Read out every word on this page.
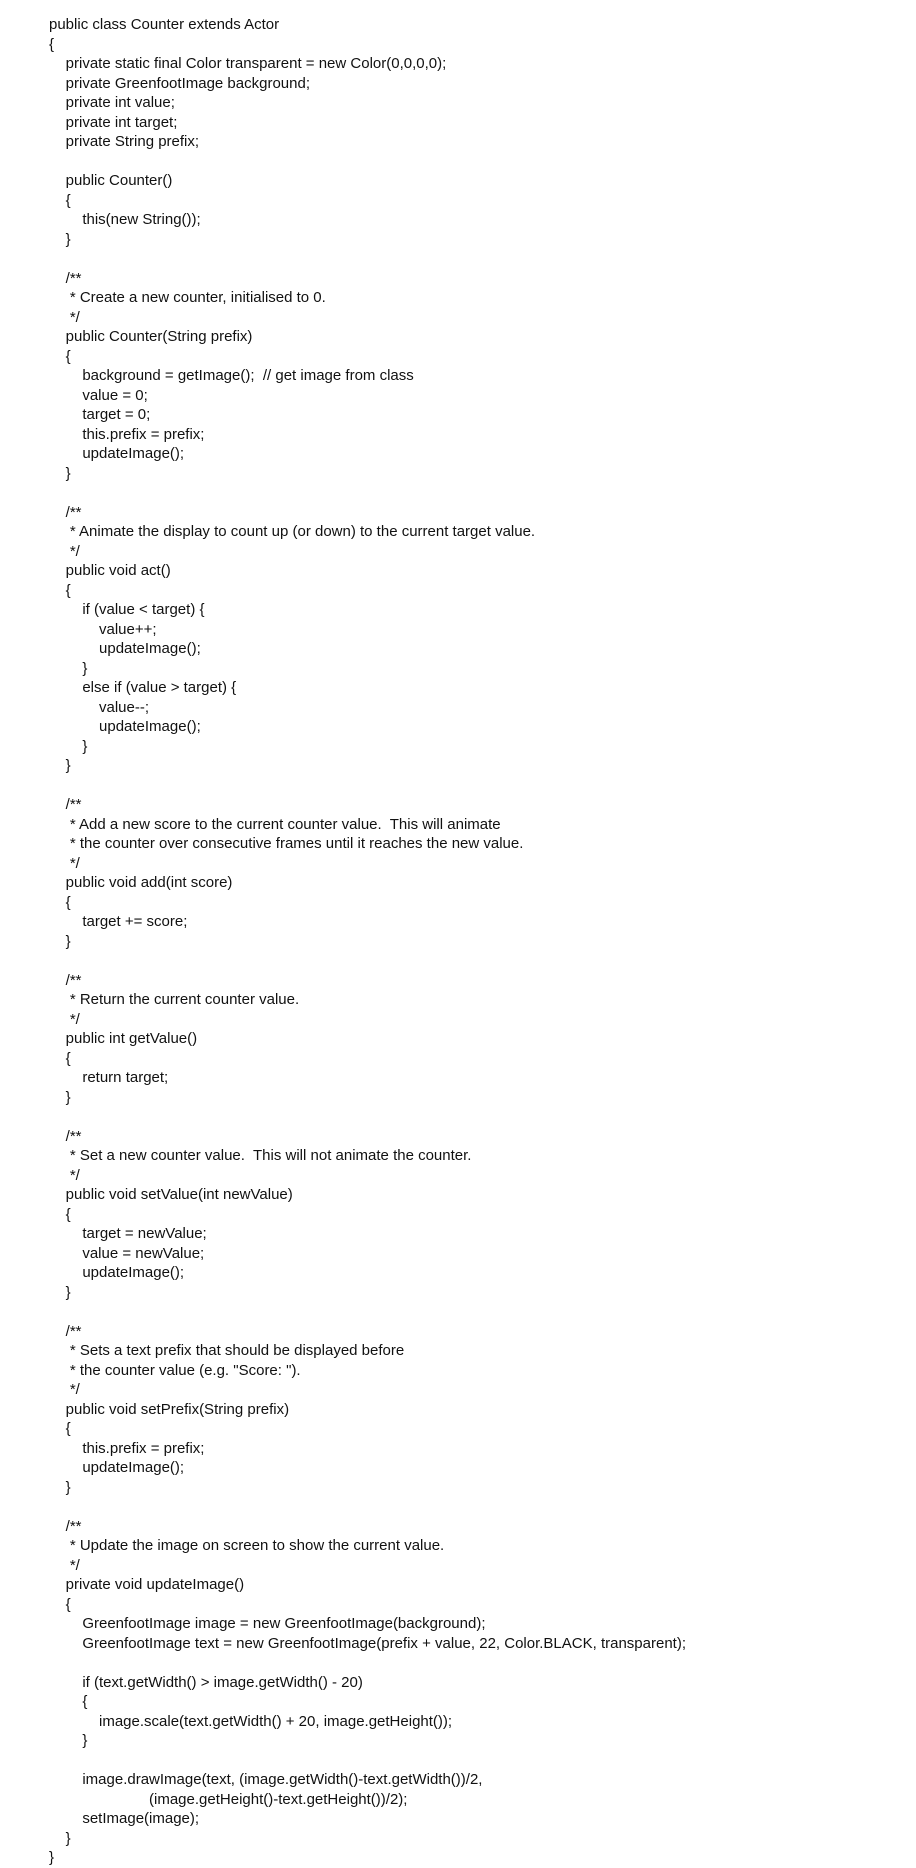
public class Counter extends Actor
{
private static final Color transparent = new Color(0,0,0,0);
private GreenfootImage background;
private int value;
private int target;
private String prefix;
public Counter()
{
this(new String());
}
/**
* Create a new counter, initialised to 0.
*/
public Counter(String prefix)
{
background = getImage();  // get image from class
value = 0;
target = 0;
this.prefix = prefix;
updateImage();
}
/**
* Animate the display to count up (or down) to the current target value.
*/
public void act()
{
if (value < target) {
value++;
updateImage();
}
else if (value > target) {
value--;
updateImage();
}
}
/**
* Add a new score to the current counter value.  This will animate
* the counter over consecutive frames until it reaches the new value.
*/
public void add(int score)
{
target += score;
}
/**
* Return the current counter value.
*/
public int getValue()
{
return target;
}
/**
* Set a new counter value.  This will not animate the counter.
*/
public void setValue(int newValue)
{
target = newValue;
value = newValue;
updateImage();
}
/**
* Sets a text prefix that should be displayed before
* the counter value (e.g. "Score: ").
*/
public void setPrefix(String prefix)
{
this.prefix = prefix;
updateImage();
}
/**
* Update the image on screen to show the current value.
*/
private void updateImage()
{
GreenfootImage image = new GreenfootImage(background);
GreenfootImage text = new GreenfootImage(prefix + value, 22, Color.BLACK, transparent);
if (text.getWidth() > image.getWidth() - 20)
{
image.scale(text.getWidth() + 20, image.getHeight());
}
image.drawImage(text, (image.getWidth()-text.getWidth())/2,
(image.getHeight()-text.getHeight())/2);
setImage(image);
}
}
